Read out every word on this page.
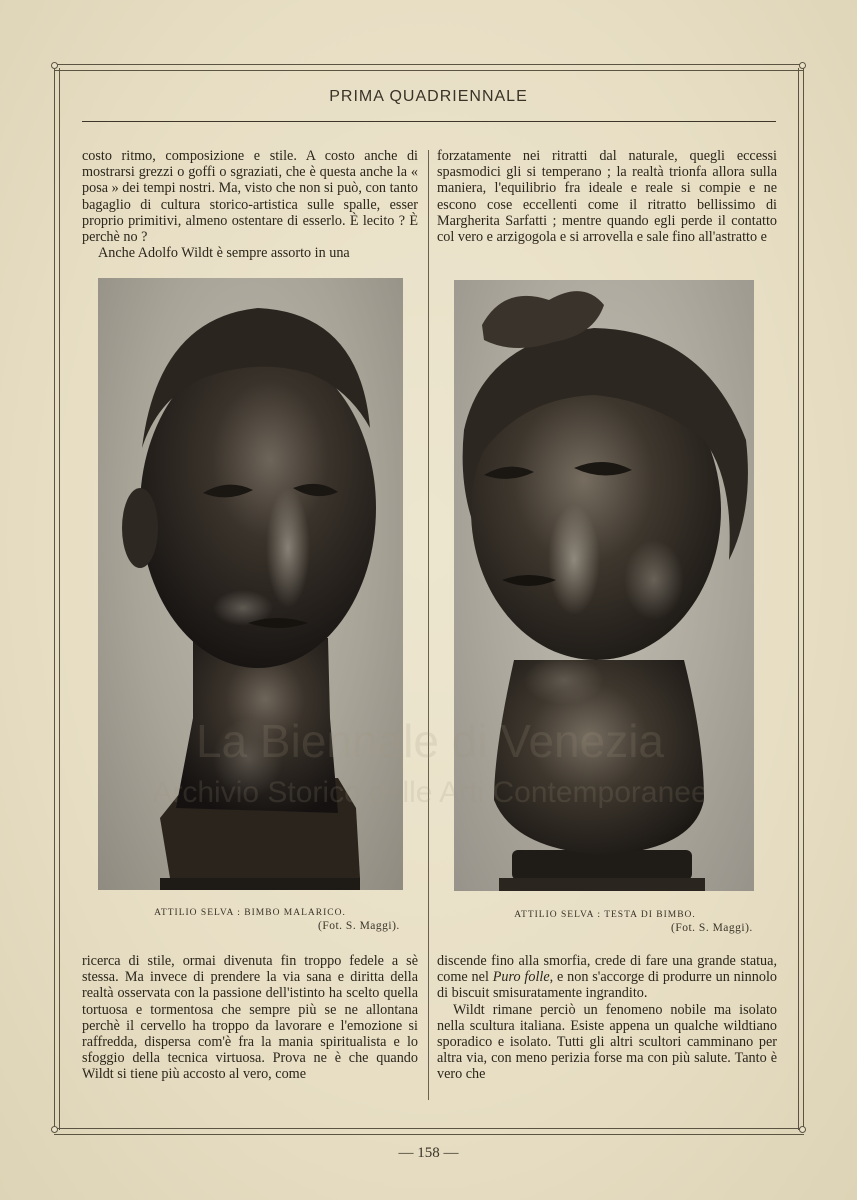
PRIMA QUADRIENNALE

costo ritmo, composizione e stile. A costo anche di mostrarsi grezzi o goffi o sgraziati, che è questa anche la « posa » dei tempi nostri. Ma, visto che non si può, con tanto bagaglio di cultura storico-artistica sulle spalle, esser proprio primitivi, almeno ostentare di esserlo. È lecito ? È perchè no ?

Anche Adolfo Wildt è sempre assorto in una

forzatamente nei ritratti dal naturale, quegli eccessi spasmodici gli si temperano ; la realtà trionfa allora sulla maniera, l'equilibrio fra ideale e reale si compie e ne escono cose eccellenti come il ritratto bellissimo di Margherita Sarfatti ; mentre quando egli perde il contatto col vero e arzigogola e si arrovella e sale fino all'astratto e

ATTILIO SELVA : BIMBO MALARICO.
(Fot. S. Maggi).
ATTILIO SELVA : TESTA DI BIMBO.
(Fot. S. Maggi).

ricerca di stile, ormai divenuta fin troppo fedele a sè stessa. Ma invece di prendere la via sana e diritta della realtà osservata con la passione dell'istinto ha scelto quella tortuosa e tormentosa che sempre più se ne allontana perchè il cervello ha troppo da lavorare e l'emozione si raffredda, dispersa com'è fra la mania spiritualista e lo sfoggio della tecnica virtuosa. Prova ne è che quando Wildt si tiene più accosto al vero, come

discende fino alla smorfia, crede di fare una grande statua, come nel Puro folle, e non s'accorge di produrre un ninnolo di biscuit smisuratamente ingrandito.

Wildt rimane perciò un fenomeno nobile ma isolato nella scultura italiana. Esiste appena un qualche wildtiano sporadico e isolato. Tutti gli altri scultori camminano per altra via, con meno perizia forse ma con più salute. Tanto è vero che

— 158 —
